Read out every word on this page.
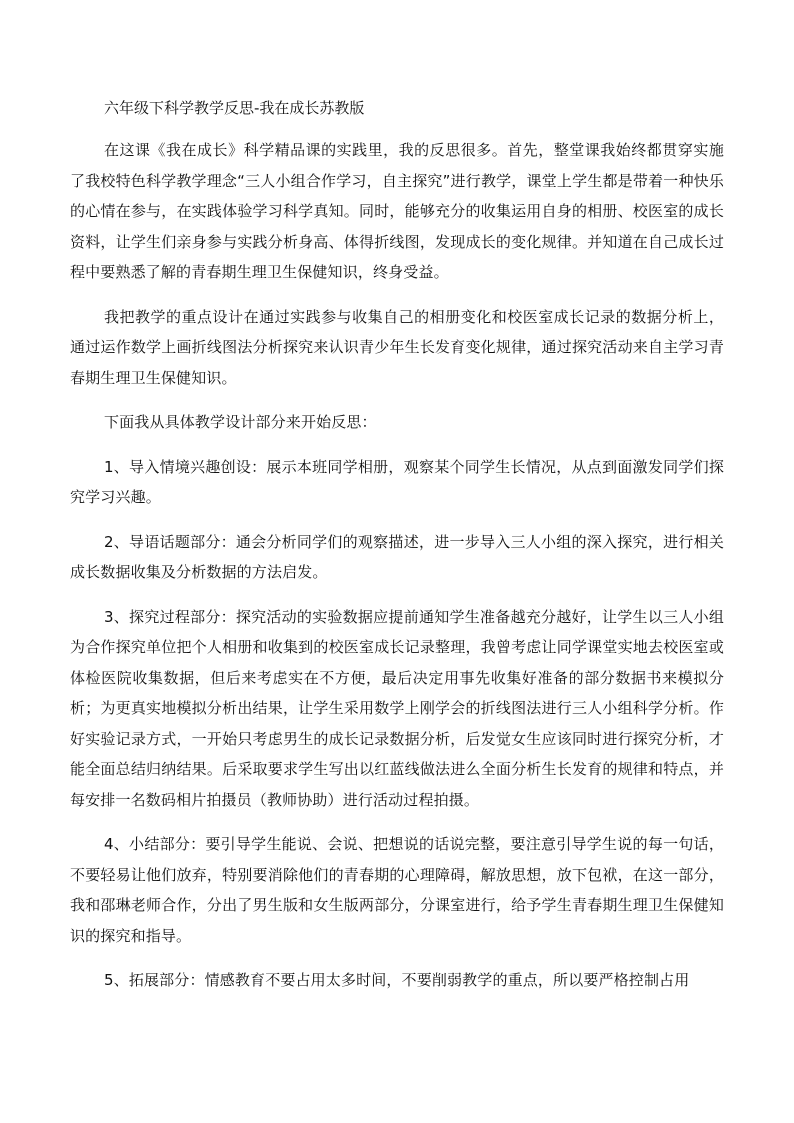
六年级下科学教学反思-我在成长苏教版

在这课《我在成长》科学精品课的实践里，我的反思很多。首先，整堂课我始终都贯穿实施了我校特色科学教学理念“三人小组合作学习，自主探究”进行教学，课堂上学生都是带着一种快乐的心情在参与，在实践体验学习科学真知。同时，能够充分的收集运用自身的相册、校医室的成长资料，让学生们亲身参与实践分析身高、体得折线图，发现成长的变化规律。并知道在自己成长过程中要熟悉了解的青春期生理卫生保健知识，终身受益。

我把教学的重点设计在通过实践参与收集自己的相册变化和校医室成长记录的数据分析上，通过运作数学上画折线图法分析探究来认识青少年生长发育变化规律，通过探究活动来自主学习青春期生理卫生保健知识。

下面我从具体教学设计部分来开始反思：

1、导入情境兴趣创设：展示本班同学相册，观察某个同学生长情况，从点到面激发同学们探究学习兴趣。

2、导语话题部分：通会分析同学们的观察描述，进一步导入三人小组的深入探究，进行相关成长数据收集及分析数据的方法启发。

3、探究过程部分：探究活动的实验数据应提前通知学生准备越充分越好，让学生以三人小组为合作探究单位把个人相册和收集到的校医室成长记录整理，我曾考虑让同学课堂实地去校医室或体检医院收集数据，但后来考虑实在不方便，最后决定用事先收集好准备的部分数据书来模拟分析；为更真实地模拟分析出结果，让学生采用数学上刚学会的折线图法进行三人小组科学分析。作好实验记录方式，一开始只考虑男生的成长记录数据分析，后发觉女生应该同时进行探究分析，才能全面总结归纳结果。后采取要求学生写出以红蓝线做法进么全面分析生长发育的规律和特点，并每安排一名数码相片拍摄员（教师协助）进行活动过程拍摄。

4、小结部分：要引导学生能说、会说、把想说的话说完整，要注意引导学生说的每一句话，不要轻易让他们放弃，特别要消除他们的青春期的心理障碍，解放思想，放下包袱，在这一部分，我和邵琳老师合作，分出了男生版和女生版两部分，分课室进行，给予学生青春期生理卫生保健知识的探究和指导。

5、拓展部分：情感教育不要占用太多时间，不要削弱教学的重点，所以要严格控制占用
